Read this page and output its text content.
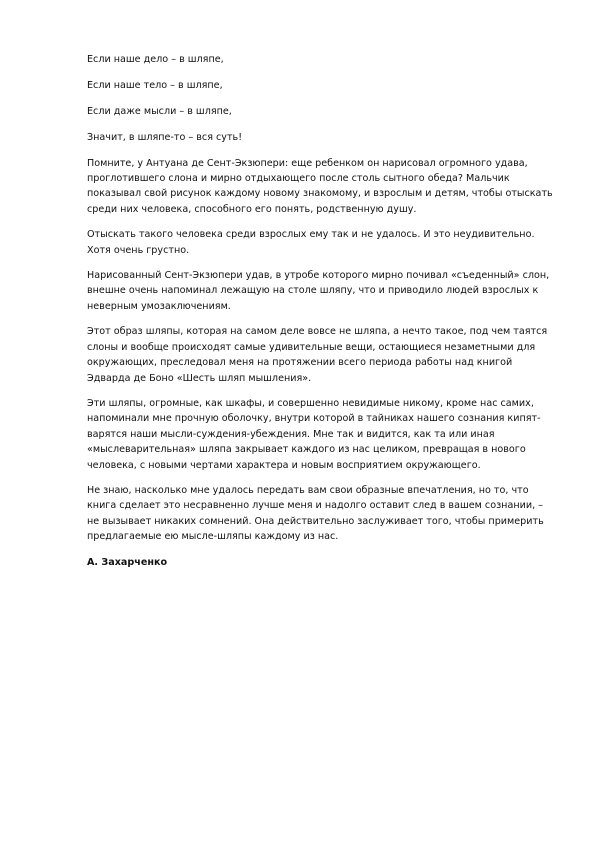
Если наше дело – в шляпе,

Если наше тело – в шляпе,

Если даже мысли – в шляпе,

Значит, в шляпе-то – вся суть!

Помните, у Антуана де Сент-Экзюпери: еще ребенком он нарисовал огромного удава, проглотившего слона и мирно отдыхающего после столь сытного обеда? Мальчик показывал свой рисунок каждому новому знакомому, и взрослым и детям, чтобы отыскать среди них человека, способного его понять, родственную душу.

Отыскать такого человека среди взрослых ему так и не удалось. И это неудивительно. Хотя очень грустно.

Нарисованный Сент-Экзюпери удав, в утробе которого мирно почивал «съеденный» слон, внешне очень напоминал лежащую на столе шляпу, что и приводило людей взрослых к неверным умозаключениям.

Этот образ шляпы, которая на самом деле вовсе не шляпа, а нечто такое, под чем таятся слоны и вообще происходят самые удивительные вещи, остающиеся незаметными для окружающих, преследовал меня на протяжении всего периода работы над книгой Эдварда де Боно «Шесть шляп мышления».

Эти шляпы, огромные, как шкафы, и совершенно невидимые никому, кроме нас самих, напоминали мне прочную оболочку, внутри которой в тайниках нашего сознания кипят-варятся наши мысли-суждения-убеждения. Мне так и видится, как та или иная «мыслеварительная» шляпа закрывает каждого из нас целиком, превращая в нового человека, с новыми чертами характера и новым восприятием окружающего.

Не знаю, насколько мне удалось передать вам свои образные впечатления, но то, что книга сделает это несравненно лучше меня и надолго оставит след в вашем сознании, – не вызывает никаких сомнений. Она действительно заслуживает того, чтобы примерить предлагаемые ею мысле-шляпы каждому из нас.

А. Захарченко
